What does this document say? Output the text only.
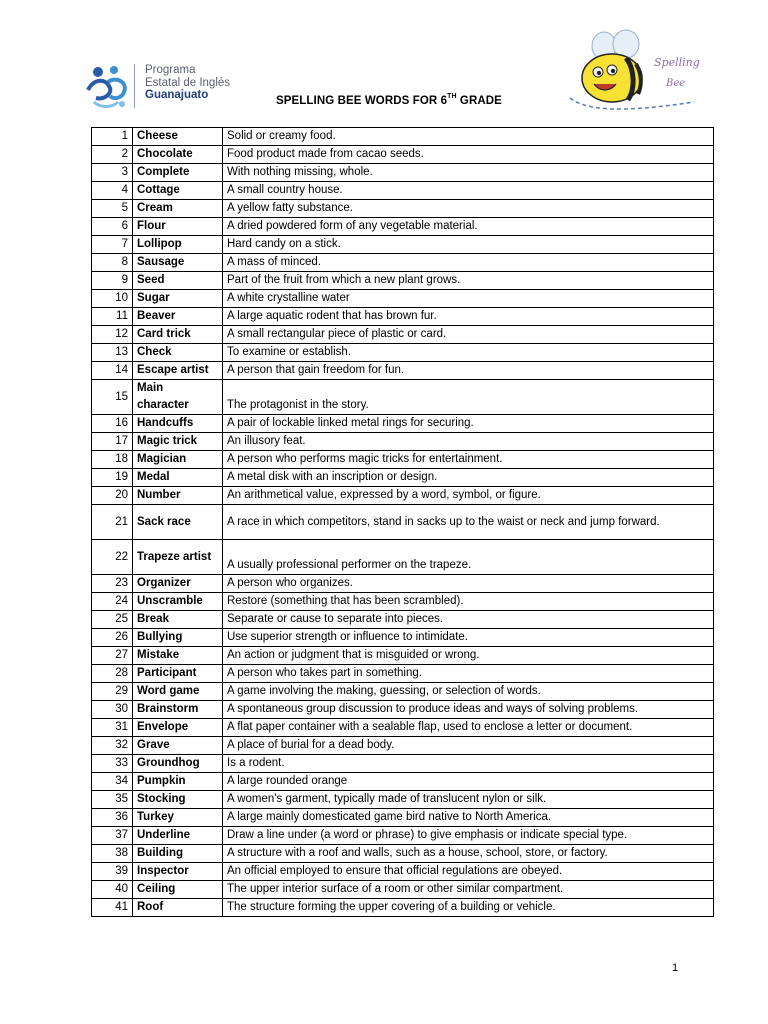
Programa
Estatal de Inglés
Guanajuato	SPELLING BEE WORDS FOR 6TH GRADE
Spelling
Bee
1	Cheese	Solid or creamy food.
2	Chocolate	Food product made from cacao seeds.
3	Complete	With nothing missing, whole.
4	Cottage	A small country house.
5	Cream	A yellow fatty substance.
6	Flour	A dried powdered form of any vegetable material.
7	Lollipop	Hard candy on a stick.
8	Sausage	A mass of minced.
9	Seed	Part of the fruit from which a new plant grows.
10	Sugar	A white crystalline water
11	Beaver	A large aquatic rodent that has brown fur.
12	Card trick	A small rectangular piece of plastic or card.
13	Check	To examine or establish.
14	Escape artist	A person that gain freedom for fun.
15	Main character	The protagonist in the story.
16	Handcuffs	A pair of lockable linked metal rings for securing.
17	Magic trick	An illusory feat.
18	Magician	A person who performs magic tricks for entertainment.
19	Medal	A metal disk with an inscription or design.
20	Number	An arithmetical value, expressed by a word, symbol, or figure.
21	Sack race	A race in which competitors, stand in sacks up to the waist or neck and jump forward.
22	Trapeze artist	A usually professional performer on the trapeze.
23	Organizer	A person who organizes.
24	Unscramble	Restore (something that has been scrambled).
25	Break	Separate or cause to separate into pieces.
26	Bullying	Use superior strength or influence to intimidate.
27	Mistake	An action or judgment that is misguided or wrong.
28	Participant	A person who takes part in something.
29	Word game	A game involving the making, guessing, or selection of words.
30	Brainstorm	A spontaneous group discussion to produce ideas and ways of solving problems.
31	Envelope	A flat paper container with a sealable flap, used to enclose a letter or document.
32	Grave	A place of burial for a dead body.
33	Groundhog	Is a rodent.
34	Pumpkin	A large rounded orange
35	Stocking	A women's garment, typically made of translucent nylon or silk.
36	Turkey	A large mainly domesticated game bird native to North America.
37	Underline	Draw a line under (a word or phrase) to give emphasis or indicate special type.
38	Building	A structure with a roof and walls, such as a house, school, store, or factory.
39	Inspector	An official employed to ensure that official regulations are obeyed.
40	Ceiling	The upper interior surface of a room or other similar compartment.
41	Roof	The structure forming the upper covering of a building or vehicle.
1
